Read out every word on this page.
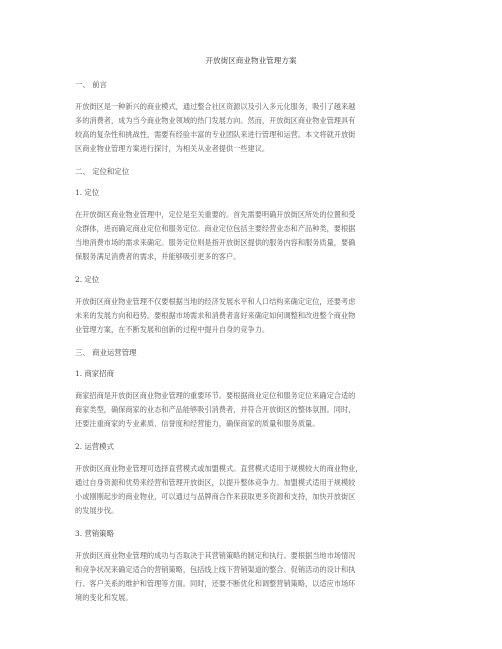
开放街区商业物业管理方案
一、 前言
开放街区是一种新兴的商业模式，通过整合社区资源以及引入多元化服务，吸引了越来越
多的消费者，成为当今商业物业领域的热门发展方向。然而，开放街区商业物业管理具有
较高的复杂性和挑战性，需要有经验丰富的专业团队来进行管理和运营。本文将就开放街
区商业物业管理方案进行探讨，为相关从业者提供一些建议。
二、 定位和定位
1. 定位
在开放街区商业物业管理中，定位是至关重要的。首先需要明确开放街区所处的位置和受
众群体，进而确定商业定位和服务定位。商业定位包括主要经营业态和产品种类，要根据
当地消费市场的需求来确定。服务定位则是指开放街区提供的服务内容和服务质量，要确
保服务满足消费者的需求，并能够吸引更多的客户。
2. 定位
开放街区商业物业管理不仅要根据当地的经济发展水平和人口结构来确定定位，还要考虑
未来的发展方向和趋势。要根据市场需求和消费者喜好来确定如何调整和改进整个商业物
业管理方案，在不断发展和创新的过程中提升自身的竞争力。
三、 商业运营管理
1. 商家招商
商家招商是开放街区商业物业管理的重要环节。要根据商业定位和服务定位来确定合适的
商家类型，确保商家的业态和产品能够吸引消费者，并符合开放街区的整体氛围。同时，
还要注重商家的专业素质、信誉度和经营能力，确保商家的质量和服务质量。
2. 运营模式
开放街区商业物业管理可选择直营模式或加盟模式。直营模式适用于规模较大的商业物业，
通过自身资源和优势来经营和管理开放街区，以提升整体竞争力。加盟模式适用于规模较
小或刚刚起步的商业物业，可以通过与品牌商合作来获取更多资源和支持，加快开放街区
的发展步伐。
3. 营销策略
开放街区商业物业管理的成功与否取决于其营销策略的制定和执行。要根据当地市场情况
和竞争状况来确定适合的营销策略，包括线上线下营销渠道的整合、促销活动的设计和执
行、客户关系的维护和管理等方面。同时，还要不断优化和调整营销策略，以适应市场环
境的变化和发展。
